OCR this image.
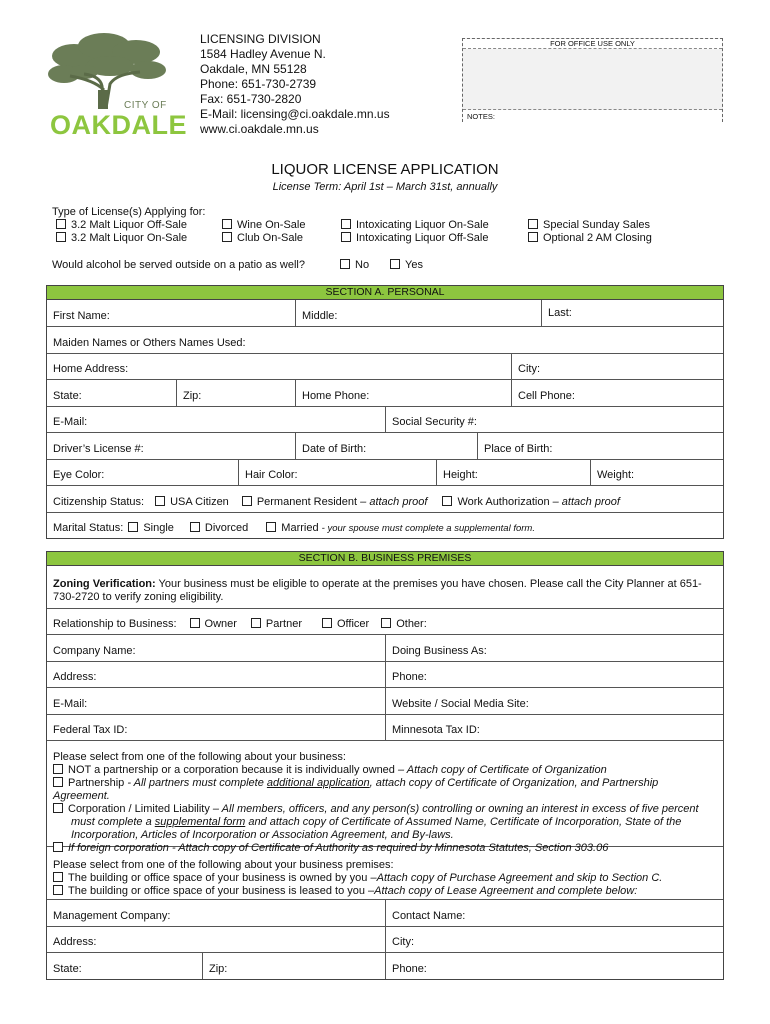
CITY OF
OAKDALE
LICENSING DIVISION
1584 Hadley Avenue N.
Oakdale, MN 55128
Phone: 651-730-2739
Fax: 651-730-2820
E-Mail: licensing@ci.oakdale.mn.us
www.ci.oakdale.mn.us
FOR OFFICE USE ONLY
NOTES:
LIQUOR LICENSE APPLICATION
License Term: April 1st – March 31st, annually
Type of License(s) Applying for:
3.2 Malt Liquor Off-Sale
3.2 Malt Liquor On-Sale
Wine On-Sale
Club On-Sale
Intoxicating Liquor On-Sale
Intoxicating Liquor Off-Sale
Special Sunday Sales
Optional 2 AM Closing
Would alcohol be served outside on a patio as well?	No	Yes
SECTION A. PERSONAL
First Name:	Middle:	Last:
Maiden Names or Others Names Used:
Home Address:	City:
State:	Zip:	Home Phone:	Cell Phone:
E-Mail:	Social Security #:
Driver’s License #:	Date of Birth:	Place of Birth:
Eye Color:	Hair Color:	Height:	Weight:
Citizenship Status:	USA Citizen	Permanent Resident – attach proof	Work Authorization – attach proof
Marital Status:	Single	Divorced	Married - your spouse must complete a supplemental form.
SECTION B. BUSINESS PREMISES
Zoning Verification: Your business must be eligible to operate at the premises you have chosen. Please call the City Planner at 651-730-2720 to verify zoning eligibility.
Relationship to Business:	Owner	Partner	Officer	Other:
Company Name:	Doing Business As:
Address:	Phone:
E-Mail:	Website / Social Media Site:
Federal Tax ID:	Minnesota Tax ID:
Please select from one of the following about your business:
NOT a partnership or a corporation because it is individually owned – Attach copy of Certificate of Organization
Partnership - All partners must complete additional application, attach copy of Certificate of Organization, and Partnership Agreement.
Corporation / Limited Liability – All members, officers, and any person(s) controlling or owning an interest in excess of five percent
must complete a supplemental form and attach copy of Certificate of Assumed Name, Certificate of Incorporation, State of the
Incorporation, Articles of Incorporation or Association Agreement, and By-laws.
If foreign corporation - Attach copy of Certificate of Authority as required by Minnesota Statutes, Section 303.06
Please select from one of the following about your business premises:
The building or office space of your business is owned by you –Attach copy of Purchase Agreement and skip to Section C.
The building or office space of your business is leased to you –Attach copy of Lease Agreement and complete below:
Management Company:	Contact Name:
Address:	City:
State:	Zip:	Phone:
